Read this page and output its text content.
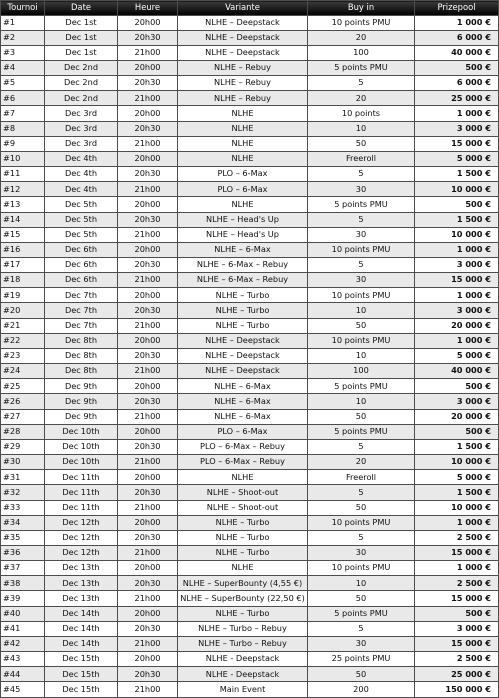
Tournoi	Date	Heure	Variante	Buy in	Prizepool
#1	Dec 1st	20h00	NLHE – Deepstack	10 points PMU	1 000 €
#2	Dec 1st	20h30	NLHE – Deepstack	20	6 000 €
#3	Dec 1st	21h00	NLHE – Deepstack	100	40 000 €
#4	Dec 2nd	20h00	NLHE – Rebuy	5 points PMU	500 €
#5	Dec 2nd	20h30	NLHE – Rebuy	5	6 000 €
#6	Dec 2nd	21h00	NLHE – Rebuy	20	25 000 €
#7	Dec 3rd	20h00	NLHE	10 points	1 000 €
#8	Dec 3rd	20h30	NLHE	10	3 000 €
#9	Dec 3rd	21h00	NLHE	50	15 000 €
#10	Dec 4th	20h00	NLHE	Freeroll	5 000 €
#11	Dec 4th	20h30	PLO – 6-Max	5	1 500 €
#12	Dec 4th	21h00	PLO – 6-Max	30	10 000 €
#13	Dec 5th	20h00	NLHE	5 points PMU	500 €
#14	Dec 5th	20h30	NLHE – Head's Up	5	1 500 €
#15	Dec 5th	21h00	NLHE – Head's Up	30	10 000 €
#16	Dec 6th	20h00	NLHE – 6-Max	10 points PMU	1 000 €
#17	Dec 6th	20h30	NLHE – 6-Max – Rebuy	5	3 000 €
#18	Dec 6th	21h00	NLHE – 6-Max – Rebuy	30	15 000 €
#19	Dec 7th	20h00	NLHE – Turbo	10 points PMU	1 000 €
#20	Dec 7th	20h30	NLHE – Turbo	10	3 000 €
#21	Dec 7th	21h00	NLHE – Turbo	50	20 000 €
#22	Dec 8th	20h00	NLHE – Deepstack	10 points PMU	1 000 €
#23	Dec 8th	20h30	NLHE – Deepstack	10	5 000 €
#24	Dec 8th	21h00	NLHE – Deepstack	100	40 000 €
#25	Dec 9th	20h00	NLHE – 6-Max	5 points PMU	500 €
#26	Dec 9th	20h30	NLHE – 6-Max	10	3 000 €
#27	Dec 9th	21h00	NLHE – 6-Max	50	20 000 €
#28	Dec 10th	20h00	PLO – 6-Max	5 points PMU	500 €
#29	Dec 10th	20h30	PLO – 6-Max – Rebuy	5	1 500 €
#30	Dec 10th	21h00	PLO – 6-Max – Rebuy	20	10 000 €
#31	Dec 11th	20h00	NLHE	Freeroll	5 000 €
#32	Dec 11th	20h30	NLHE – Shoot-out	5	1 500 €
#33	Dec 11th	21h00	NLHE – Shoot-out	50	10 000 €
#34	Dec 12th	20h00	NLHE – Turbo	10 points PMU	1 000 €
#35	Dec 12th	20h30	NLHE – Turbo	5	2 500 €
#36	Dec 12th	21h00	NLHE – Turbo	30	15 000 €
#37	Dec 13th	20h00	NLHE	10 points PMU	1 000 €
#38	Dec 13th	20h30	NLHE – SuperBounty (4,55 €)	10	2 500 €
#39	Dec 13th	21h00	NLHE – SuperBounty (22,50 €)	50	15 000 €
#40	Dec 14th	20h00	NLHE – Turbo	5 points PMU	500 €
#41	Dec 14th	20h30	NLHE – Turbo – Rebuy	5	3 000 €
#42	Dec 14th	21h00	NLHE – Turbo – Rebuy	30	15 000 €
#43	Dec 15th	20h00	NLHE - Deepstack	25 points PMU	2 500 €
#44	Dec 15th	20h30	NLHE - Deepstack	50	25 000 €
#45	Dec 15th	21h00	Main Event	200	150 000 €
